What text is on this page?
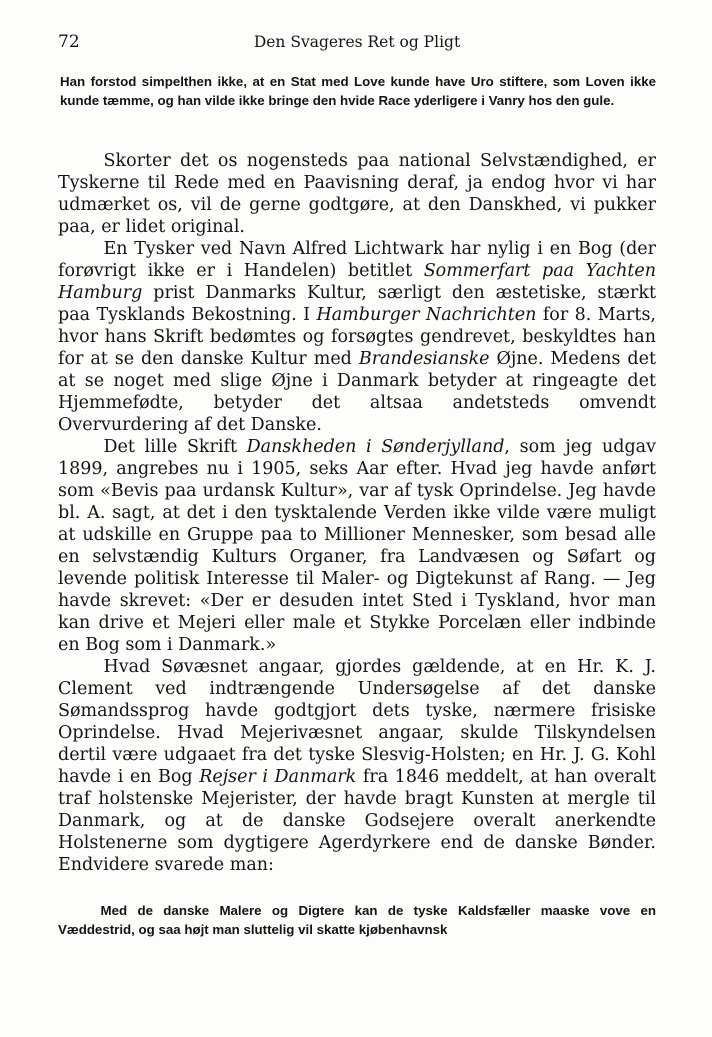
72	Den Svageres Ret og Pligt

Han forstod simpelthen ikke, at en Stat med Love kunde have Uro stiftere, som Loven ikke kunde tæmme, og han vilde ikke bringe den hvide Race yderligere i Vanry hos den gule.

Skorter det os nogensteds paa national Selvstændighed, er Tyskerne til Rede med en Paavisning deraf, ja endog hvor vi har udmærket os, vil de gerne godtgøre, at den Danskhed, vi pukker paa, er lidet original.

En Tysker ved Navn Alfred Lichtwark har nylig i en Bog (der forøvrigt ikke er i Handelen) betitlet Sommerfart paa Yachten Hamburg prist Danmarks Kultur, særligt den æstetiske, stærkt paa Tysklands Bekostning. I Hamburger Nachrichten for 8. Marts, hvor hans Skrift bedømtes og forsøgtes gendrevet, beskyldtes han for at se den danske Kultur med Brandesianske Øjne. Medens det at se noget med slige Øjne i Danmark betyder at ringeagte det Hjemmefødte, betyder det altsaa andetsteds omvendt Overvurdering af det Danske.

Det lille Skrift Danskheden i Sønderjylland, som jeg udgav 1899, angrebes nu i 1905, seks Aar efter. Hvad jeg havde anført som «Bevis paa urdansk Kultur», var af tysk Oprindelse. Jeg havde bl. A. sagt, at det i den tysktalende Verden ikke vilde være muligt at udskille en Gruppe paa to Millioner Mennesker, som besad alle en selvstændig Kulturs Organer, fra Landvæsen og Søfart og levende politisk Interesse til Maler- og Digtekunst af Rang. — Jeg havde skrevet: «Der er desuden intet Sted i Tyskland, hvor man kan drive et Mejeri eller male et Stykke Porcelæn eller indbinde en Bog som i Danmark.»

Hvad Søvæsnet angaar, gjordes gældende, at en Hr. K. J. Clement ved indtrængende Undersøgelse af det danske Sømandssprog havde godtgjort dets tyske, nærmere frisiske Oprindelse. Hvad Mejerivæsnet angaar, skulde Tilskyndelsen dertil være udgaaet fra det tyske Slesvig-Holsten; en Hr. J. G. Kohl havde i en Bog Rejser i Danmark fra 1846 meddelt, at han overalt traf holstenske Mejerister, der havde bragt Kunsten at mergle til Danmark, og at de danske Godsejere overalt anerkendte Holstenerne som dygtigere Agerdyrkere end de danske Bønder. Endvidere svarede man:

Med de danske Malere og Digtere kan de tyske Kaldsfæller maaske vove en Væddestrid, og saa højt man sluttelig vil skatte kjøbenhavnsk
